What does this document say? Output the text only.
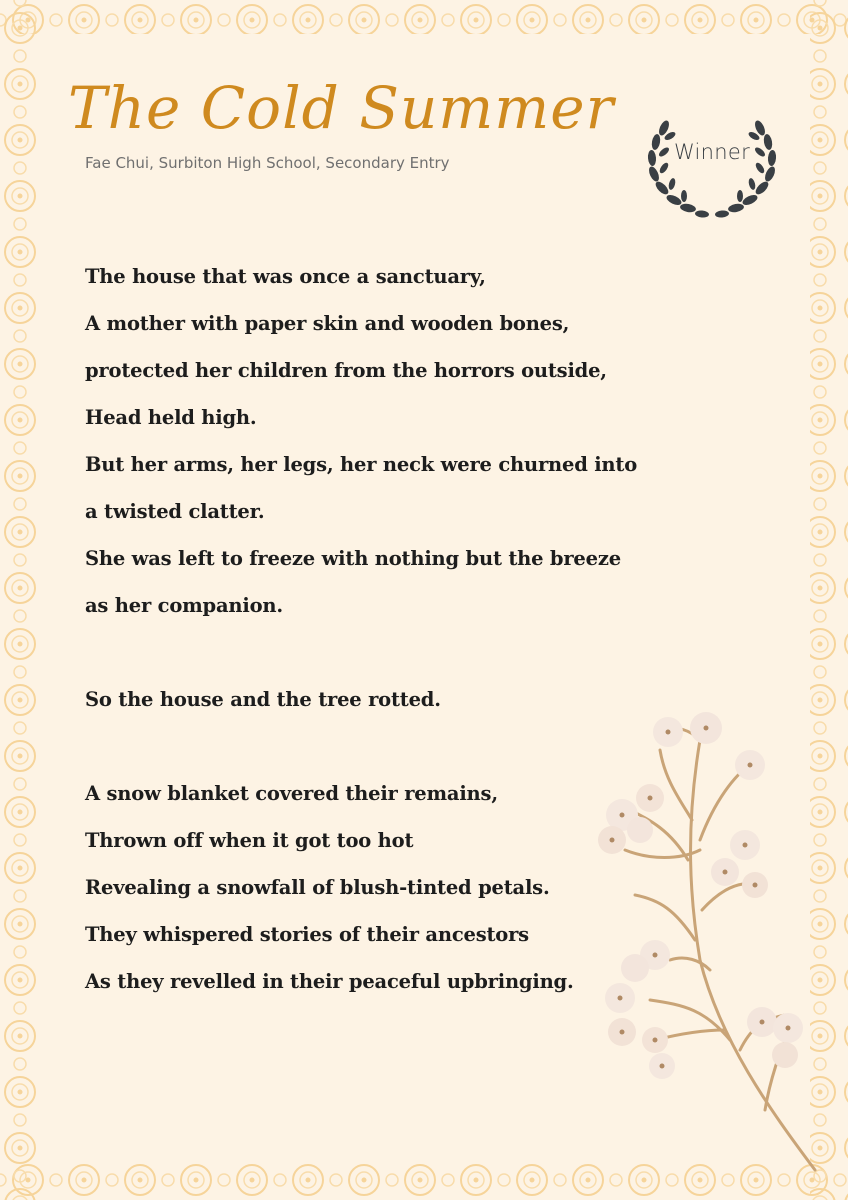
The Cold Summer
Fae Chui, Surbiton High School, Secondary Entry	Winner
The house that was once a sanctuary,
A mother with paper skin and wooden bones,
protected her children from the horrors outside,
Head held high.
But her arms, her legs, her neck were churned into
a twisted clatter.
She was left to freeze with nothing but the breeze
as her companion.
So the house and the tree rotted.
A snow blanket covered their remains,
Thrown off when it got too hot
Revealing a snowfall of blush-tinted petals.
They whispered stories of their ancestors
As they revelled in their peaceful upbringing.
